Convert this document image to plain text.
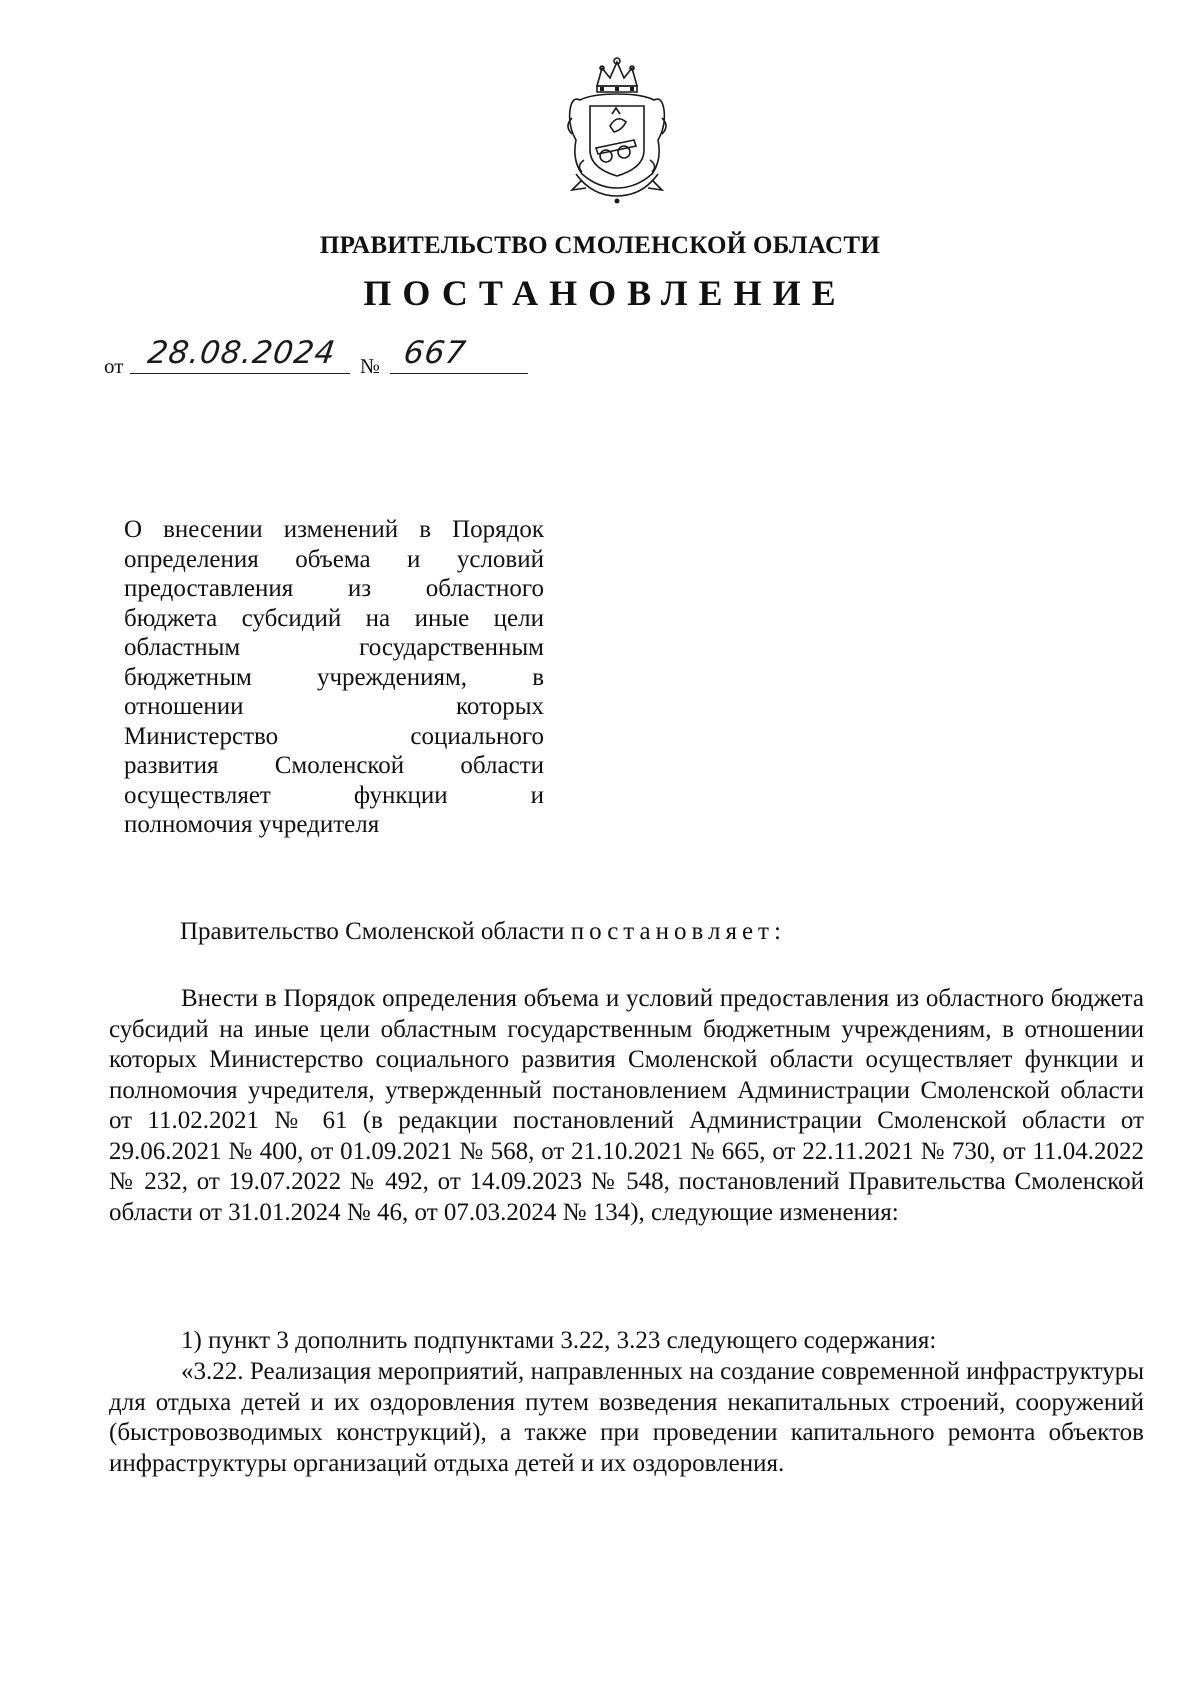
ПРАВИТЕЛЬСТВО СМОЛЕНСКОЙ ОБЛАСТИ
ПОСТАНОВЛЕНИЕ
от 28.08.2024 № 667
О внесении изменений в Порядок
определения объема и условий
предоставления из областного
бюджета субсидий на иные цели
областным государственным
бюджетным учреждениям, в
отношении которых
Министерство социального
развития Смоленской области
осуществляет функции и
полномочия учредителя
Правительство Смоленской области постановляет:

Внести в Порядок определения объема и условий предоставления из областного бюджета субсидий на иные цели областным государственным бюджетным учреждениям, в отношении которых Министерство социального развития Смоленской области осуществляет функции и полномочия учредителя, утвержденный постановлением Администрации Смоленской области от 11.02.2021 № 61 (в редакции постановлений Администрации Смоленской области от 29.06.2021 № 400, от 01.09.2021 № 568, от 21.10.2021 № 665, от 22.11.2021 № 730, от 11.04.2022 № 232, от 19.07.2022 № 492, от 14.09.2023 № 548, постановлений Правительства Смоленской области от 31.01.2024 № 46, от 07.03.2024 № 134), следующие изменения:

1) пункт 3 дополнить подпунктами 3.22, 3.23 следующего содержания:

«3.22. Реализация мероприятий, направленных на создание современной инфраструктуры для отдыха детей и их оздоровления путем возведения некапитальных строений, сооружений (быстровозводимых конструкций), а также при проведении капитального ремонта объектов инфраструктуры организаций отдыха детей и их оздоровления.
